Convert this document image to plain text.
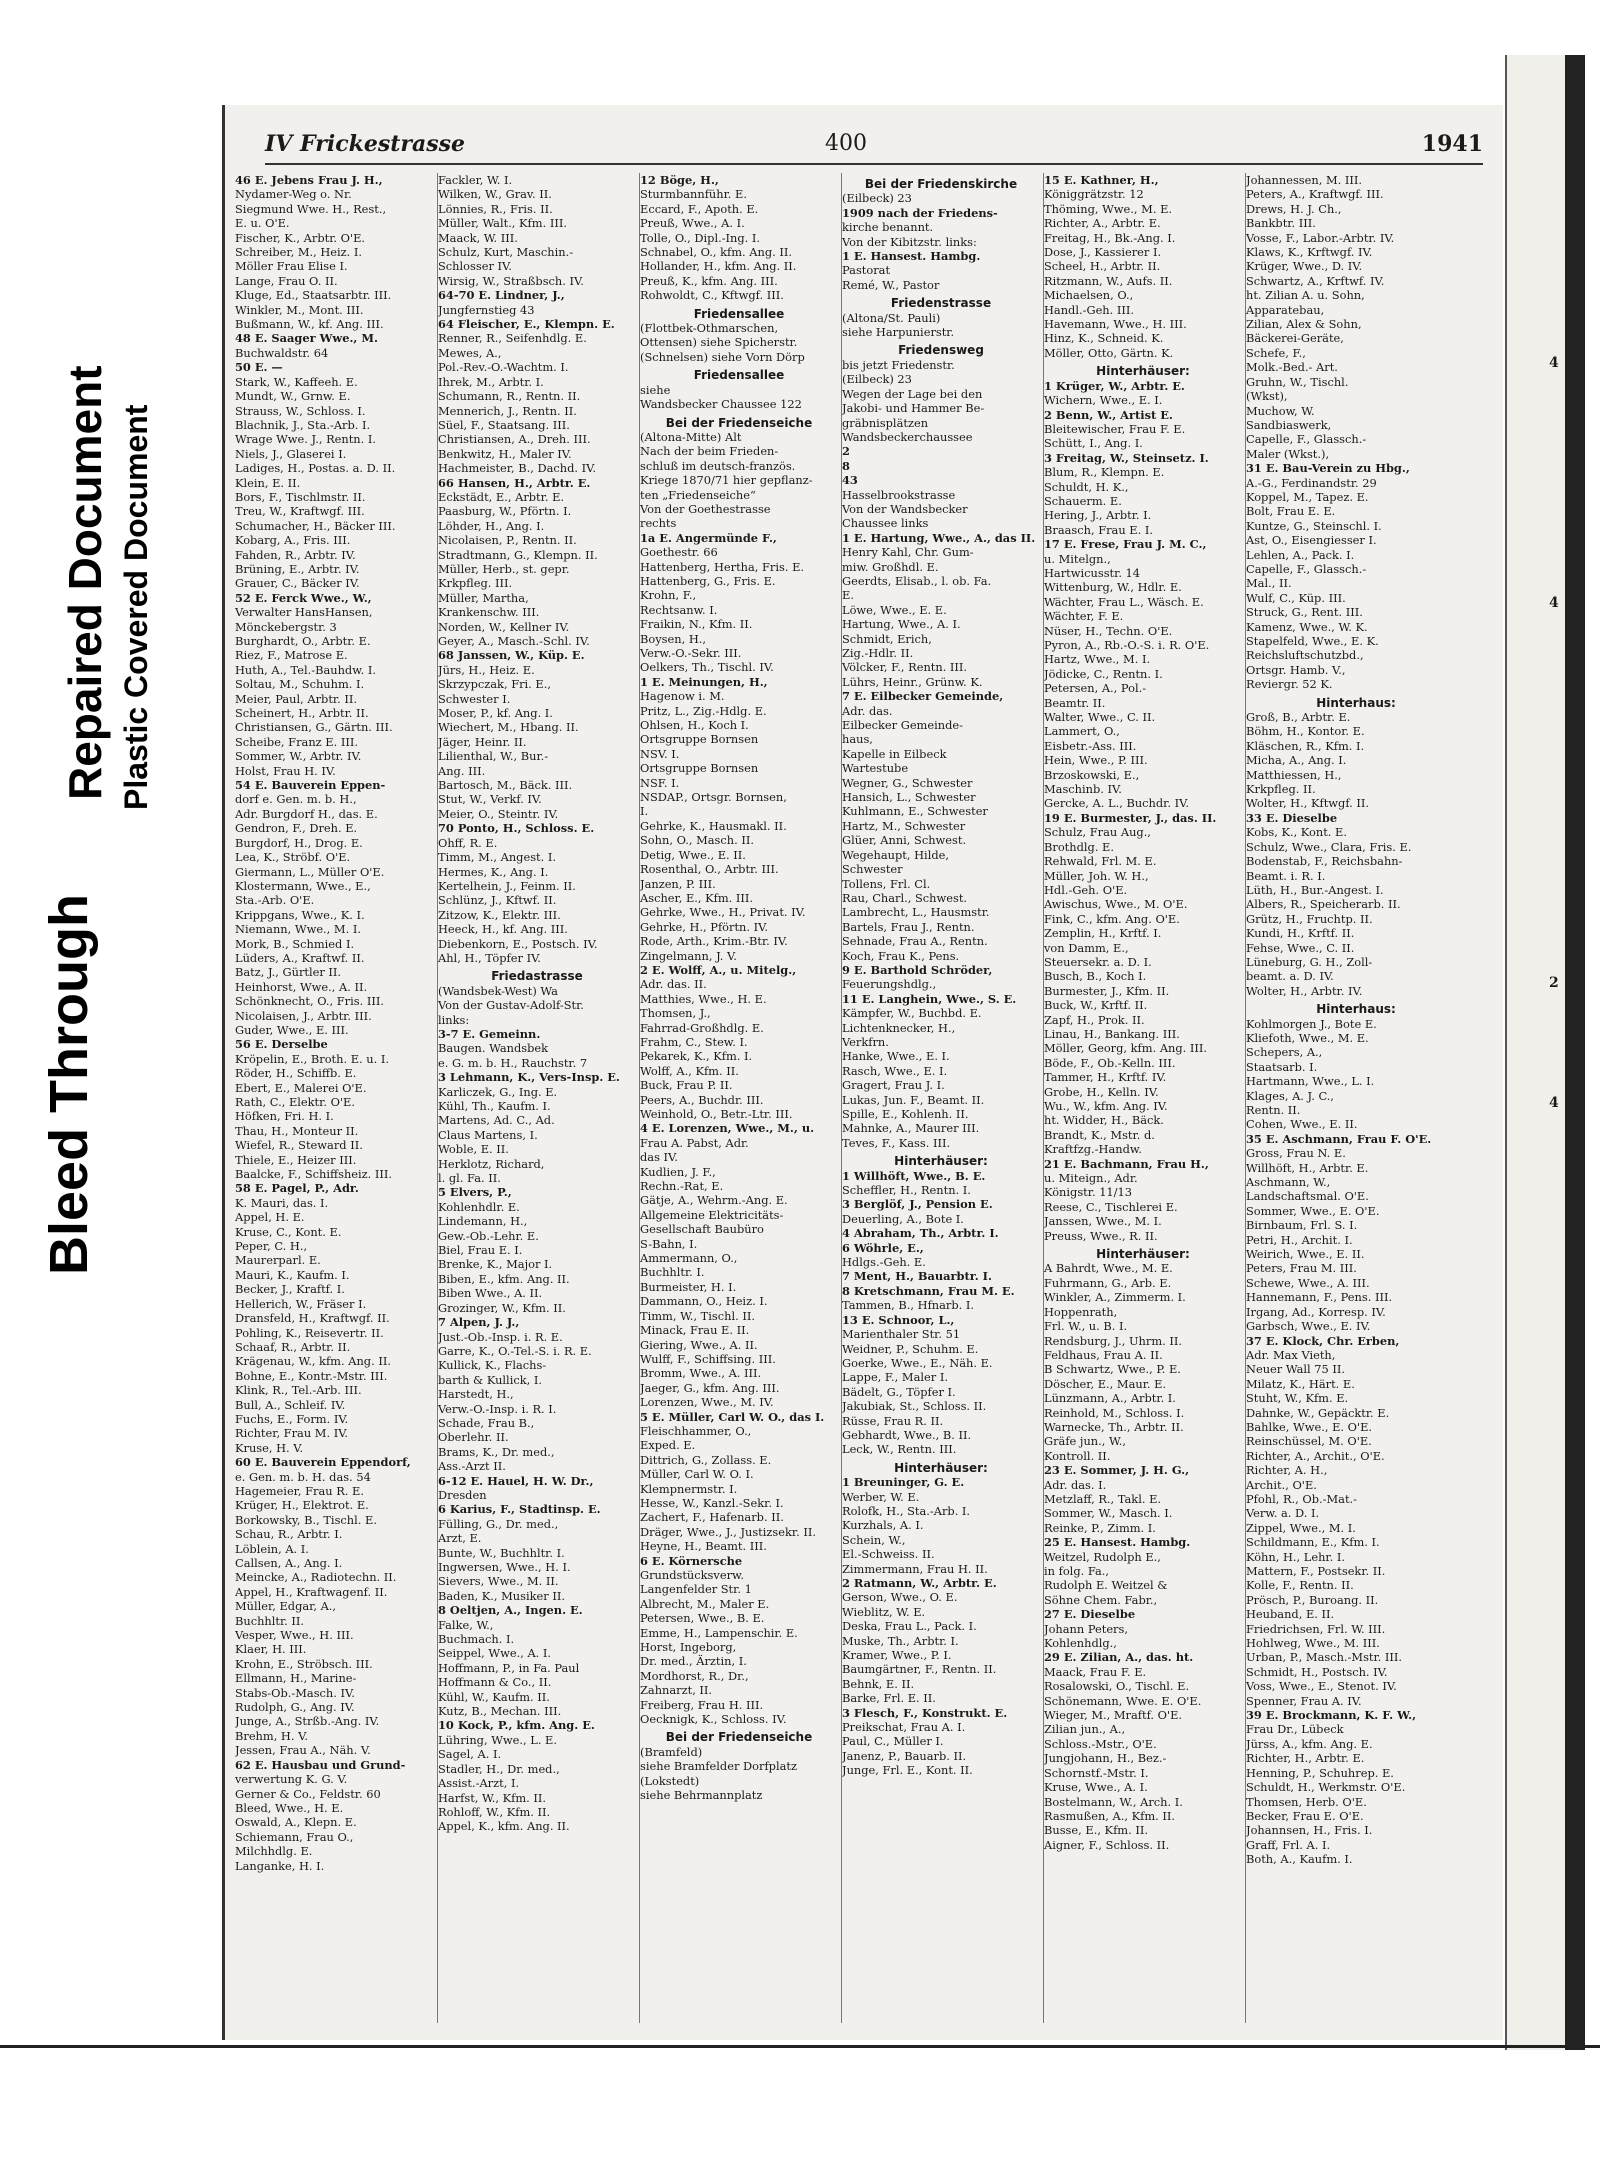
Bleed Through
Repaired Document Plastic Covered Document
IV Frickestrasse	400	1941
46 E. Jebens Frau J. H.,
Nydamer-Weg o. Nr.
Siegmund Wwe. H., Rest.,
E. u. O'E.
Fischer, K., Arbtr. O'E.
Schreiber, M., Heiz. I.
Möller Frau Elise I.
Lange, Frau O. II.
Kluge, Ed., Staatsarbtr. III.
Winkler, M., Mont. III.
Bußmann, W., kf. Ang. III.
48 E. Saager Wwe., M.
Buchwaldstr. 64
50 E. —
Stark, W., Kaffeeh. E.
Mundt, W., Grnw. E.
Strauss, W., Schloss. I.
Blachnik, J., Sta.-Arb. I.
Wrage Wwe. J., Rentn. I.
Niels, J., Glaserei I.
Ladiges, H., Postas. a. D. II.
Klein, E. II.
Bors, F., Tischlmstr. II.
Treu, W., Kraftwgf. III.
Schumacher, H., Bäcker III.
Kobarg, A., Fris. III.
Fahden, R., Arbtr. IV.
Brüning, E., Arbtr. IV.
Grauer, C., Bäcker IV.
52 E. Ferck Wwe., W.,
Verwalter HansHansen,
Mönckebergstr. 3
Burghardt, O., Arbtr. E.
Riez, F., Matrose E.
Huth, A., Tel.-Bauhdw. I.
Soltau, M., Schuhm. I.
Meier, Paul, Arbtr. II.
Scheinert, H., Arbtr. II.
Christiansen, G., Gärtn. III.
Scheibe, Franz E. III.
Sommer, W., Arbtr. IV.
Holst, Frau H. IV.
54 E. Bauverein Eppen-
dorf e. Gen. m. b. H.,
Adr. Burgdorf H., das. E.
Gendron, F., Dreh. E.
Burgdorf, H., Drog. E.
Lea, K., Ströbf. O'E.
Giermann, L., Müller O'E.
Klostermann, Wwe., E.,
Sta.-Arb. O'E.
Krippgans, Wwe., K. I.
Niemann, Wwe., M. I.
Mork, B., Schmied I.
Lüders, A., Kraftwf. II.
Batz, J., Gürtler II.
Heinhorst, Wwe., A. II.
Schönknecht, O., Fris. III.
Nicolaisen, J., Arbtr. III.
Guder, Wwe., E. III.
56 E. Derselbe
Kröpelin, E., Broth. E. u. I.
Röder, H., Schiffb. E.
Ebert, E., Malerei O'E.
Rath, C., Elektr. O'E.
Höfken, Fri. H. I.
Thau, H., Monteur II.
Wiefel, R., Steward II.
Thiele, E., Heizer III.
Baalcke, F., Schiffsheiz. III.
58 E. Pagel, P., Adr.
K. Mauri, das. I.
Appel, H. E.
Kruse, C., Kont. E.
Peper, C. H.,
Maurerparl. E.
Mauri, K., Kaufm. I.
Becker, J., Kraftf. I.
Hellerich, W., Fräser I.
Dransfeld, H., Kraftwgf. II.
Pohling, K., Reisevertr. II.
Schaaf, R., Arbtr. II.
Krägenau, W., kfm. Ang. II.
Bohne, E., Kontr.-Mstr. III.
Klink, R., Tel.-Arb. III.
Bull, A., Schleif. IV.
Fuchs, E., Form. IV.
Richter, Frau M. IV.
Kruse, H. V.
60 E. Bauverein Eppendorf,
e. Gen. m. b. H. das. 54
Hagemeier, Frau R. E.
Krüger, H., Elektrot. E.
Borkowsky, B., Tischl. E.
Schau, R., Arbtr. I.
Löblein, A. I.
Callsen, A., Ang. I.
Meincke, A., Radiotechn. II.
Appel, H., Kraftwagenf. II.
Müller, Edgar, A.,
Buchhltr. II.
Vesper, Wwe., H. III.
Klaer, H. III.
Krohn, E., Ströbsch. III.
Ellmann, H., Marine-
Stabs-Ob.-Masch. IV.
Rudolph, G., Ang. IV.
Junge, A., Strßb.-Ang. IV.
Brehm, H. V.
Jessen, Frau A., Näh. V.
62 E. Hausbau und Grund-
verwertung K. G. V.
Gerner & Co., Feldstr. 60
Bleed, Wwe., H. E.
Oswald, A., Klepn. E.
Schiemann, Frau O.,
Milchhdlg. E.
Langanke, H. I.
Fackler, W. I.
Wilken, W., Grav. II.
Lönnies, R., Fris. II.
Müller, Walt., Kfm. III.
Maack, W. III.
Schulz, Kurt, Maschin.-
Schlosser IV.
Wirsig, W., Straßbsch. IV.
64-70 E. Lindner, J.,
Jungfernstieg 43
64 Fleischer, E., Klempn. E.
Renner, R., Seifenhdlg. E.
Mewes, A.,
Pol.-Rev.-O.-Wachtm. I.
Ihrek, M., Arbtr. I.
Schumann, R., Rentn. II.
Mennerich, J., Rentn. II.
Süel, F., Staatsang. III.
Christiansen, A., Dreh. III.
Benkwitz, H., Maler IV.
Hachmeister, B., Dachd. IV.
66 Hansen, H., Arbtr. E.
Eckstädt, E., Arbtr. E.
Paasburg, W., Pförtn. I.
Löhder, H., Ang. I.
Nicolaisen, P., Rentn. II.
Stradtmann, G., Klempn. II.
Müller, Herb., st. gepr.
Krkpfleg. III.
Müller, Martha,
Krankenschw. III.
Norden, W., Kellner IV.
Geyer, A., Masch.-Schl. IV.
68 Janssen, W., Küp. E.
Jürs, H., Heiz. E.
Skrzypczak, Fri. E.,
Schwester I.
Moser, P., kf. Ang. I.
Wiechert, M., Hbang. II.
Jäger, Heinr. II.
Lilienthal, W., Bur.-
Ang. III.
Bartosch, M., Bäck. III.
Stut, W., Verkf. IV.
Meier, O., Steintr. IV.
70 Ponto, H., Schloss. E.
Ohff, R. E.
Timm, M., Angest. I.
Hermes, K., Ang. I.
Kertelhein, J., Feinm. II.
Schlünz, J., Kftwf. II.
Zitzow, K., Elektr. III.
Heeck, H., kf. Ang. III.
Diebenkorn, E., Postsch. IV.
Ahl, H., Töpfer IV.
Friedastrasse
(Wandsbek-West) Wa
Von der Gustav-Adolf-Str.
links:
3-7 E. Gemeinn.
Baugen. Wandsbek
e. G. m. b. H., Rauchstr. 7
3 Lehmann, K., Vers-Insp. E.
Karliczek, G., Ing. E.
Kühl, Th., Kaufm. I.
Martens, Ad. C., Ad.
Claus Martens, I.
Woble, E. II.
Herklotz, Richard,
l. gl. Fa. II.
5 Elvers, P.,
Kohlenhdlr. E.
Lindemann, H.,
Gew.-Ob.-Lehr. E.
Biel, Frau E. I.
Brenke, K., Major I.
Biben, E., kfm. Ang. II.
Biben Wwe., A. II.
Grozinger, W., Kfm. II.
7 Alpen, J. J.,
Just.-Ob.-Insp. i. R. E.
Garre, K., O.-Tel.-S. i. R. E.
Kullick, K., Flachs-
barth & Kullick, I.
Harstedt, H.,
Verw.-O.-Insp. i. R. I.
Schade, Frau B.,
Oberlehr. II.
Brams, K., Dr. med.,
Ass.-Arzt II.
6-12 E. Hauel, H. W. Dr.,
Dresden
6 Karius, F., Stadtinsp. E.
Fülling, G., Dr. med.,
Arzt, E.
Bunte, W., Buchhltr. I.
Ingwersen, Wwe., H. I.
Sievers, Wwe., M. II.
Baden, K., Musiker II.
8 Oeltjen, A., Ingen. E.
Falke, W.,
Buchmach. I.
Seippel, Wwe., A. I.
Hoffmann, P., in Fa. Paul
Hoffmann & Co., II.
Kühl, W., Kaufm. II.
Kutz, B., Mechan. III.
10 Kock, P., kfm. Ang. E.
Lühring, Wwe., L. E.
Sagel, A. I.
Stadler, H., Dr. med.,
Assist.-Arzt, I.
Harfst, W., Kfm. II.
Rohloff, W., Kfm. II.
Appel, K., kfm. Ang. II.
12 Böge, H.,
Sturmbannführ. E.
Eccard, F., Apoth. E.
Preuß, Wwe., A. I.
Tolle, O., Dipl.-Ing. I.
Schnabel, O., kfm. Ang. II.
Hollander, H., kfm. Ang. II.
Preuß, K., kfm. Ang. III.
Rohwoldt, C., Kftwgf. III.
Friedensallee
(Flottbek-Othmarschen,
Ottensen) siehe Spicherstr.
(Schnelsen) siehe Vorn Dörp
Friedensallee
siehe
Wandsbecker Chaussee 122
Bei der Friedenseiche
(Altona-Mitte) Alt
Nach der beim Frieden-
schluß im deutsch-französ.
Kriege 1870/71 hier gepflanz-
ten „Friedenseiche“
Von der Goethestrasse
rechts
1a E. Angermünde F.,
Goethestr. 66
Hattenberg, Hertha, Fris. E.
Hattenberg, G., Fris. E.
Krohn, F.,
Rechtsanw. I.
Fraikin, N., Kfm. II.
Boysen, H.,
Verw.-O.-Sekr. III.
Oelkers, Th., Tischl. IV.
1 E. Meinungen, H.,
Hagenow i. M.
Pritz, L., Zig.-Hdlg. E.
Ohlsen, H., Koch I.
Ortsgruppe Bornsen
NSV. I.
Ortsgruppe Bornsen
NSF. I.
NSDAP., Ortsgr. Bornsen,
I.
Gehrke, K., Hausmakl. II.
Sohn, O., Masch. II.
Detig, Wwe., E. II.
Rosenthal, O., Arbtr. III.
Janzen, P. III.
Ascher, E., Kfm. III.
Gehrke, Wwe., H., Privat. IV.
Gehrke, H., Pförtn. IV.
Rode, Arth., Krim.-Btr. IV.
Zingelmann, J. V.
2 E. Wolff, A., u. Mitelg.,
Adr. das. II.
Matthies, Wwe., H. E.
Thomsen, J.,
Fahrrad-Großhdlg. E.
Frahm, C., Stew. I.
Pekarek, K., Kfm. I.
Wolff, A., Kfm. II.
Buck, Frau P. II.
Peers, A., Buchdr. III.
Weinhold, O., Betr.-Ltr. III.
4 E. Lorenzen, Wwe., M., u.
Frau A. Pabst, Adr.
das IV.
Kudlien, J. F.,
Rechn.-Rat, E.
Gätje, A., Wehrm.-Ang. E.
Allgemeine Elektricitäts-
Gesellschaft Baubüro
S-Bahn, I.
Ammermann, O.,
Buchhltr. I.
Burmeister, H. I.
Dammann, O., Heiz. I.
Timm, W., Tischl. II.
Minack, Frau E. II.
Giering, Wwe., A. II.
Wulff, F., Schiffsing. III.
Bromm, Wwe., A. III.
Jaeger, G., kfm. Ang. III.
Lorenzen, Wwe., M. IV.
5 E. Müller, Carl W. O., das I.
Fleischhammer, O.,
Exped. E.
Dittrich, G., Zollass. E.
Müller, Carl W. O. I.
Klempnermstr. I.
Hesse, W., Kanzl.-Sekr. I.
Zachert, F., Hafenarb. II.
Dräger, Wwe., J., Justizsekr. II.
Heyne, H., Beamt. III.
6 E. Körnersche
Grundstücksverw.
Langenfelder Str. 1
Albrecht, M., Maler E.
Petersen, Wwe., B. E.
Emme, H., Lampenschir. E.
Horst, Ingeborg,
Dr. med., Ärztin, I.
Mordhorst, R., Dr.,
Zahnarzt, II.
Freiberg, Frau H. III.
Oecknigk, K., Schloss. IV.
Bei der Friedenseiche
(Bramfeld)
siehe Bramfelder Dorfplatz
(Lokstedt)
siehe Behrmannplatz
Bei der Friedenskirche
(Eilbeck) 23
1909 nach der Friedens-
kirche benannt.
Von der Kibitzstr. links:
1 E. Hansest. Hambg.
Pastorat
Remé, W., Pastor
Friedenstrasse
(Altona/St. Pauli)
siehe Harpunierstr.
Friedensweg
bis jetzt Friedenstr.
(Eilbeck) 23
Wegen der Lage bei den
Jakobi- und Hammer Be-
gräbnisplätzen
Wandsbeckerchaussee
2
8
43
Hasselbrookstrasse
Von der Wandsbecker
Chaussee links
1 E. Hartung, Wwe., A., das II.
Henry Kahl, Chr. Gum-
miw. Großhdl. E.
Geerdts, Elisab., l. ob. Fa.
E.
Löwe, Wwe., E. E.
Hartung, Wwe., A. I.
Schmidt, Erich,
Zig.-Hdlr. II.
Völcker, F., Rentn. III.
Lührs, Heinr., Grünw. K.
7 E. Eilbecker Gemeinde,
Adr. das.
Eilbecker Gemeinde-
haus,
Kapelle in Eilbeck
Wartestube
Wegner, G., Schwester
Hansich, L., Schwester
Kuhlmann, E., Schwester
Hartz, M., Schwester
Glüer, Anni, Schwest.
Wegehaupt, Hilde,
Schwester
Tollens, Frl. Cl.
Rau, Charl., Schwest.
Lambrecht, L., Hausmstr.
Bartels, Frau J., Rentn.
Sehnade, Frau A., Rentn.
Koch, Frau K., Pens.
9 E. Barthold Schröder,
Feuerungshdlg.,
11 E. Langhein, Wwe., S. E.
Kämpfer, W., Buchbd. E.
Lichtenknecker, H.,
Verkfrn.
Hanke, Wwe., E. I.
Rasch, Wwe., E. I.
Gragert, Frau J. I.
Lukas, Jun. F., Beamt. II.
Spille, E., Kohlenh. II.
Mahnke, A., Maurer III.
Teves, F., Kass. III.
Hinterhäuser:
1 Willhöft, Wwe., B. E.
Scheffler, H., Rentn. I.
3 Berglöf, J., Pension E.
Deuerling, A., Bote I.
4 Abraham, Th., Arbtr. I.
6 Wöhrle, E.,
Hdlgs.-Geh. E.
7 Ment, H., Bauarbtr. I.
8 Kretschmann, Frau M. E.
Tammen, B., Hfnarb. I.
13 E. Schnoor, L.,
Marienthaler Str. 51
Weidner, P., Schuhm. E.
Goerke, Wwe., E., Näh. E.
Lappe, F., Maler I.
Bädelt, G., Töpfer I.
Jakubiak, St., Schloss. II.
Rüsse, Frau R. II.
Gebhardt, Wwe., B. II.
Leck, W., Rentn. III.
Hinterhäuser:
1 Breuninger, G. E.
Werber, W. E.
Rolofk, H., Sta.-Arb. I.
Kurzhals, A. I.
Schein, W.,
El.-Schweiss. II.
Zimmermann, Frau H. II.
2 Ratmann, W., Arbtr. E.
Gerson, Wwe., O. E.
Wieblitz, W. E.
Deska, Frau L., Pack. I.
Muske, Th., Arbtr. I.
Kramer, Wwe., P. I.
Baumgärtner, F., Rentn. II.
Behnk, E. II.
Barke, Frl. E. II.
3 Flesch, F., Konstrukt. E.
Preikschat, Frau A. I.
Paul, C., Müller I.
Janenz, P., Bauarb. II.
Junge, Frl. E., Kont. II.
15 E. Kathner, H.,
Königgrätzstr. 12
Thöming, Wwe., M. E.
Richter, A., Arbtr. E.
Freitag, H., Bk.-Ang. I.
Dose, J., Kassierer I.
Scheel, H., Arbtr. II.
Ritzmann, W., Aufs. II.
Michaelsen, O.,
Handl.-Geh. III.
Havemann, Wwe., H. III.
Hinz, K., Schneid. K.
Möller, Otto, Gärtn. K.
Hinterhäuser:
1 Krüger, W., Arbtr. E.
Wichern, Wwe., E. I.
2 Benn, W., Artist E.
Bleitewischer, Frau F. E.
Schütt, I., Ang. I.
3 Freitag, W., Steinsetz. I.
Blum, R., Klempn. E.
Schuldt, H. K.,
Schauerm. E.
Hering, J., Arbtr. I.
Braasch, Frau E. I.
17 E. Frese, Frau J. M. C.,
u. Mitelgn.,
Hartwicusstr. 14
Wittenburg, W., Hdlr. E.
Wächter, Frau L., Wäsch. E.
Wächter, F. E.
Nüser, H., Techn. O'E.
Pyron, A., Rb.-O.-S. i. R. O'E.
Hartz, Wwe., M. I.
Jödicke, C., Rentn. I.
Petersen, A., Pol.-
Beamtr. II.
Walter, Wwe., C. II.
Lammert, O.,
Eisbetr.-Ass. III.
Hein, Wwe., P. III.
Brzoskowski, E.,
Maschinb. IV.
Gercke, A. L., Buchdr. IV.
19 E. Burmester, J., das. II.
Schulz, Frau Aug.,
Brothdlg. E.
Rehwald, Frl. M. E.
Müller, Joh. W. H.,
Hdl.-Geh. O'E.
Awischus, Wwe., M. O'E.
Fink, C., kfm. Ang. O'E.
Zemplin, H., Krftf. I.
von Damm, E.,
Steuersekr. a. D. I.
Busch, B., Koch I.
Burmester, J., Kfm. II.
Buck, W., Krftf. II.
Zapf, H., Prok. II.
Linau, H., Bankang. III.
Möller, Georg, kfm. Ang. III.
Böde, F., Ob.-Kelln. III.
Tammer, H., Krftf. IV.
Grobe, H., Kelln. IV.
Wu., W., kfm. Ang. IV.
ht. Widder, H., Bäck.
Brandt, K., Mstr. d.
Kraftfzg.-Handw.
21 E. Bachmann, Frau H.,
u. Miteign., Adr.
Königstr. 11/13
Reese, C., Tischlerei E.
Janssen, Wwe., M. I.
Preuss, Wwe., R. II.
Hinterhäuser:
A Bahrdt, Wwe., M. E.
Fuhrmann, G., Arb. E.
Winkler, A., Zimmerm. I.
Hoppenrath,
Frl. W., u. B. I.
Rendsburg, J., Uhrm. II.
Feldhaus, Frau A. II.
B Schwartz, Wwe., P. E.
Döscher, E., Maur. E.
Lünzmann, A., Arbtr. I.
Reinhold, M., Schloss. I.
Warnecke, Th., Arbtr. II.
Gräfe jun., W.,
Kontroll. II.
23 E. Sommer, J. H. G.,
Adr. das. I.
Metzlaff, R., Takl. E.
Sommer, W., Masch. I.
Reinke, P., Zimm. I.
25 E. Hansest. Hambg.
Weitzel, Rudolph E.,
in folg. Fa.,
Rudolph E. Weitzel &
Söhne Chem. Fabr.,
27 E. Dieselbe
Johann Peters,
Kohlenhdlg.,
29 E. Zilian, A., das. ht.
Maack, Frau F. E.
Rosalowski, O., Tischl. E.
Schönemann, Wwe. E. O'E.
Wieger, M., Mraftf. O'E.
Zilian jun., A.,
Schloss.-Mstr., O'E.
Jungjohann, H., Bez.-
Schornstf.-Mstr. I.
Kruse, Wwe., A. I.
Bostelmann, W., Arch. I.
Rasmußen, A., Kfm. II.
Busse, E., Kfm. II.
Aigner, F., Schloss. II.
Johannessen, M. III.
Peters, A., Kraftwgf. III.
Drews, H. J. Ch.,
Bankbtr. III.
Vosse, F., Labor.-Arbtr. IV.
Klaws, K., Krftwgf. IV.
Krüger, Wwe., D. IV.
Schwartz, A., Krftwf. IV.
ht. Zilian A. u. Sohn,
Apparatebau,
Zilian, Alex & Sohn,
Bäckerei-Geräte,
Schefe, F.,
Molk.-Bed.- Art.
Gruhn, W., Tischl.
(Wkst),
Muchow, W.
Sandbiaswerk,
Capelle, F., Glassch.-
Maler (Wkst.),
31 E. Bau-Verein zu Hbg.,
A.-G., Ferdinandstr. 29
Koppel, M., Tapez. E.
Bolt, Frau E. E.
Kuntze, G., Steinschl. I.
Ast, O., Eisengiesser I.
Lehlen, A., Pack. I.
Capelle, F., Glassch.-
Mal., II.
Wulf, C., Küp. III.
Struck, G., Rent. III.
Kamenz, Wwe., W. K.
Stapelfeld, Wwe., E. K.
Reichsluftschutzbd.,
Ortsgr. Hamb. V.,
Reviergr. 52 K.
Hinterhaus:
Groß, B., Arbtr. E.
Böhm, H., Kontor. E.
Kläschen, R., Kfm. I.
Micha, A., Ang. I.
Matthiessen, H.,
Krkpfleg. II.
Wolter, H., Kftwgf. II.
33 E. Dieselbe
Kobs, K., Kont. E.
Schulz, Wwe., Clara, Fris. E.
Bodenstab, F., Reichsbahn-
Beamt. i. R. I.
Lüth, H., Bur.-Angest. I.
Albers, R., Speicherarb. II.
Grütz, H., Fruchtp. II.
Kundi, H., Krftf. II.
Fehse, Wwe., C. II.
Lüneburg, G. H., Zoll-
beamt. a. D. IV.
Wolter, H., Arbtr. IV.
Hinterhaus:
Kohlmorgen J., Bote E.
Kliefoth, Wwe., M. E.
Schepers, A.,
Staatsarb. I.
Hartmann, Wwe., L. I.
Klages, A. J. C.,
Rentn. II.
Cohen, Wwe., E. II.
35 E. Aschmann, Frau F. O'E.
Gross, Frau N. E.
Willhöft, H., Arbtr. E.
Aschmann, W.,
Landschaftsmal. O'E.
Sommer, Wwe., E. O'E.
Birnbaum, Frl. S. I.
Petri, H., Archit. I.
Weirich, Wwe., E. II.
Peters, Frau M. III.
Schewe, Wwe., A. III.
Hannemann, F., Pens. III.
Irgang, Ad., Korresp. IV.
Garbsch, Wwe., E. IV.
37 E. Klock, Chr. Erben,
Adr. Max Vieth,
Neuer Wall 75 II.
Milatz, K., Härt. E.
Stuht, W., Kfm. E.
Dahnke, W., Gepäcktr. E.
Bahlke, Wwe., E. O'E.
Reinschüssel, M. O'E.
Richter, A., Archit., O'E.
Richter, A. H.,
Archit., O'E.
Pfohl, R., Ob.-Mat.-
Verw. a. D. I.
Zippel, Wwe., M. I.
Schildmann, E., Kfm. I.
Köhn, H., Lehr. I.
Mattern, F., Postsekr. II.
Kolle, F., Rentn. II.
Prösch, P., Buroang. II.
Heuband, E. II.
Friedrichsen, Frl. W. III.
Hohlweg, Wwe., M. III.
Urban, P., Masch.-Mstr. III.
Schmidt, H., Postsch. IV.
Voss, Wwe., E., Stenot. IV.
Spenner, Frau A. IV.
39 E. Brockmann, K. F. W.,
Frau Dr., Lübeck
Jürss, A., kfm. Ang. E.
Richter, H., Arbtr. E.
Henning, P., Schuhrep. E.
Schuldt, H., Werkmstr. O'E.
Thomsen, Herb. O'E.
Becker, Frau E. O'E.
Johannsen, H., Fris. I.
Graff, Frl. A. I.
Both, A., Kaufm. I.
4
4
2
4
